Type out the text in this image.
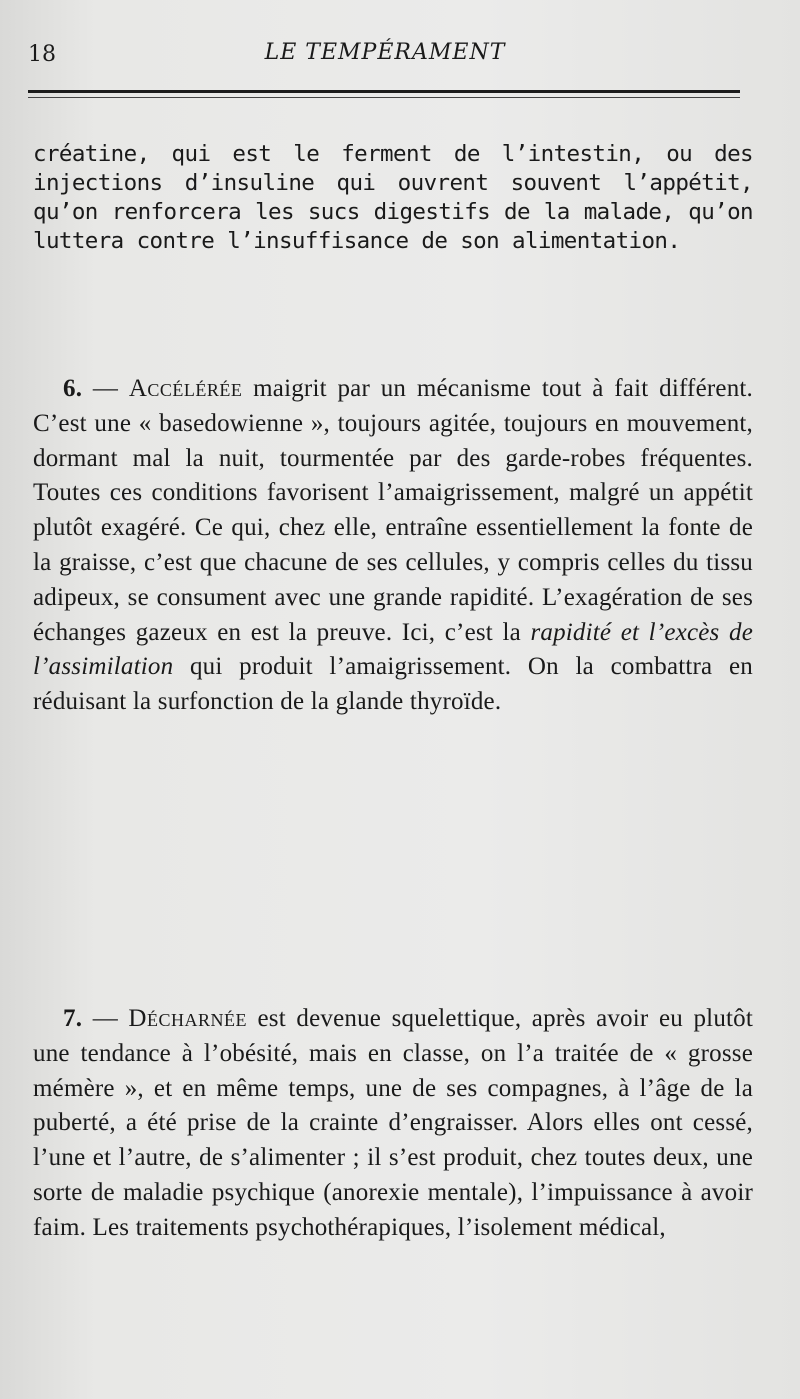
18	LE TEMPÉRAMENT

créatine, qui est le ferment de l’intestin, ou des injections d’insuline qui ouvrent souvent l’appétit, qu’on renforcera les sucs digestifs de la malade, qu’on luttera contre l’insuffisance de son alimentation.

6. — Accélérée maigrit par un mécanisme tout à fait différent. C’est une « basedowienne », toujours agitée, toujours en mouvement, dormant mal la nuit, tourmentée par des garde-robes fréquentes. Toutes ces conditions favorisent l’amaigrissement, malgré un appétit plutôt exagéré. Ce qui, chez elle, entraîne essentiellement la fonte de la graisse, c’est que chacune de ses cellules, y compris celles du tissu adipeux, se consument avec une grande rapidité. L’exagération de ses échanges gazeux en est la preuve. Ici, c’est la rapidité et l’excès de l’assimilation qui produit l’amaigrissement. On la combattra en réduisant la surfonction de la glande thyroïde.

7. — Décharnée est devenue squelettique, après avoir eu plutôt une tendance à l’obésité, mais en classe, on l’a traitée de « grosse mémère », et en même temps, une de ses compagnes, à l’âge de la puberté, a été prise de la crainte d’engraisser. Alors elles ont cessé, l’une et l’autre, de s’alimenter ; il s’est produit, chez toutes deux, une sorte de maladie psychique (anorexie mentale), l’impuissance à avoir faim. Les traitements psychothérapiques, l’isolement médical,
